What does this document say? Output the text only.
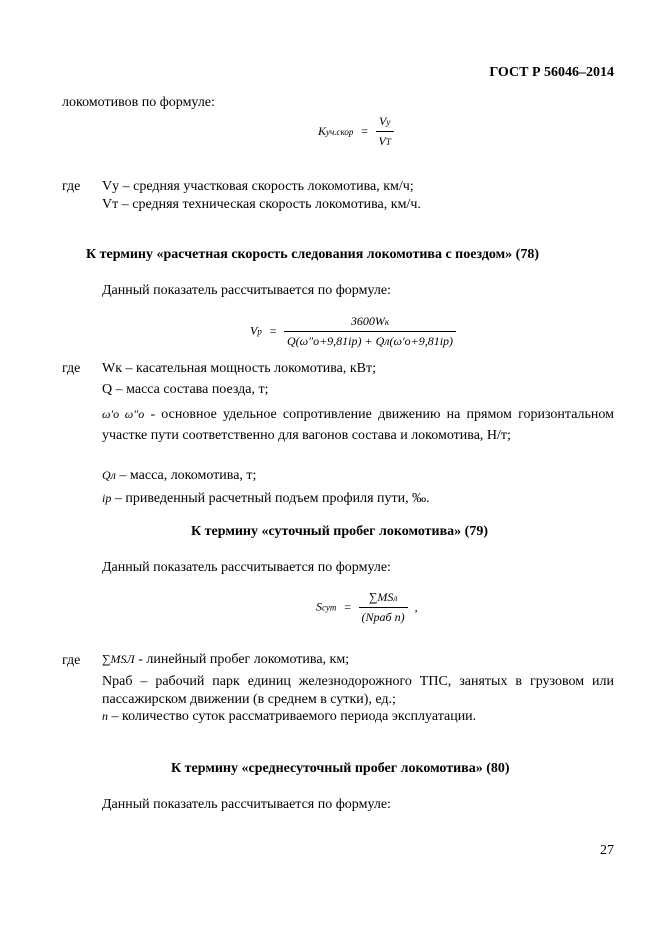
ГОСТ Р 56046–2014
локомотивов по формуле:
Kуч.скор = $\frac{Vу}{VТ}$
где Vу – средняя участковая скорость локомотива, км/ч;
Vт – средняя техническая скорость локомотива, км/ч.
К термину «расчетная скорость следования локомотива с поездом» (78)
Данный показатель рассчитывается по формуле:
Vр = $\frac{3600Wк}{Q(\omega''o+9,81iр) + Qл(\omega'o+9,81iр)}$
где Wк – касательная мощность локомотива, кВт;
Q – масса состава поезда, т;
ω′o ω″o - основное удельное сопротивление движению на прямом горизонтальном участке пути соответственно для вагонов состава и локомотива, Н/т;
Qл – масса, локомотива, т;
iр – приведенный расчетный подъем профиля пути, ‰.
К термину «суточный пробег локомотива» (79)
Данный показатель рассчитывается по формуле:
Sсут = $\frac{\text{∑MSл}}{\text{(Nраб n)}}$ ,
где ∑MSЛ - линейный пробег локомотива, км;
Nраб – рабочий парк единиц железнодорожного ТПС, занятых в грузовом или пассажирском движении (в среднем в сутки), ед.;
n – количество суток рассматриваемого периода эксплуатации.
К термину «среднесуточный пробег локомотива» (80)
Данный показатель рассчитывается по формуле:
27
